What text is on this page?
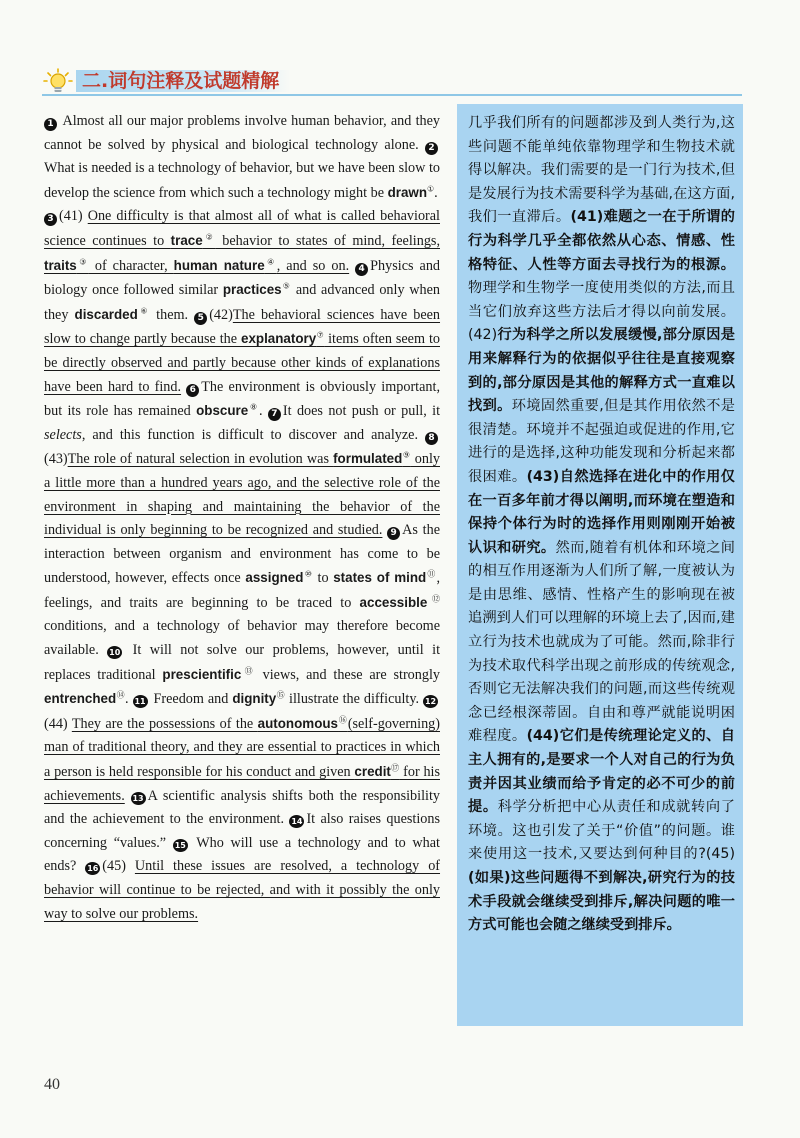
二.词句注释及试题精解
1 Almost all our major problems involve human behavior, and they cannot be solved by physical and biological technology alone. 2 What is needed is a technology of behavior, but we have been slow to develop the science from which such a technology might be drawn①.
3 (41) One difficulty is that almost all of what is called behavioral science continues to trace② behavior to states of mind, feelings, traits③ of character, human nature④, and so on. 4 Physics and biology once followed similar practices⑤ and advanced only when they discarded⑥ them. 5 (42)The behavioral sciences have been slow to change partly because the explanatory⑦ items often seem to be directly observed and partly because other kinds of explanations have been hard to find. 6 The environment is obviously important, but its role has remained obscure⑧. 7 It does not push or pull, it selects, and this function is difficult to discover and analyze. 8(43)The role of natural selection in evolution was formulated⑨ only a little more than a hundred years ago, and the selective role of the environment in shaping and maintaining the behavior of the individual is only beginning to be recognized and studied. 9 As the interaction between organism and environment has come to be understood, however, effects once assigned⑩ to states of mind⑪, feelings, and traits are beginning to be traced to accessible⑫ conditions, and a technology of behavior may therefore become available. 10 It will not solve our problems, however, until it replaces traditional prescientific⑬ views, and these are strongly entrenched⑭. 11 Freedom and dignity⑮ illustrate the difficulty. 12(44) They are the possessions of the autonomous⑯(self-governing) man of traditional theory, and they are essential to practices in which a person is held responsible for his conduct and given credit⑰ for his achievements. 13 A scientific analysis shifts both the responsibility and the achievement to the environment. 14 It also raises questions concerning “values.” 15 Who will use a technology and to what ends? 16 (45) Until these issues are resolved, a technology of behavior will continue to be rejected, and with it possibly the only way to solve our problems.
几乎我们所有的问题都涉及到人类行为,这些问题不能单纯依靠物理学和生物技术就得以解决。我们需要的是一门行为技术,但是发展行为技术需要科学为基础,在这方面,我们一直滞后。(41)难题之一在于所谓的行为科学几乎全都依然从心态、情感、性格特征、人性等方面去寻找行为的根源。物理学和生物学一度使用类似的方法,而且当它们放弃这些方法后才得以向前发展。(42)行为科学之所以发展缓慢,部分原因是用来解释行为的依据似乎往往是直接观察到的,部分原因是其他的解释方式一直难以找到。环境固然重要,但是其作用依然不是很清楚。环境并不起强迫或促进的作用,它进行的是选择,这种功能发现和分析起来都很困难。(43)自然选择在进化中的作用仅在一百多年前才得以阐明,而环境在塑造和保持个体行为时的选择作用则刚刚开始被认识和研究。然而,随着有机体和环境之间的相互作用逐渐为人们所了解,一度被认为是由思维、感情、性格产生的影响现在被追溯到人们可以理解的环境上去了,因而,建立行为技术也就成为了可能。然而,除非行为技术取代科学出现之前形成的传统观念,否则它无法解决我们的问题,而这些传统观念已经根深蒂固。自由和尊严就能说明困难程度。(44)它们是传统理论定义的、自主人拥有的,是要求一个人对自己的行为负责并因其业绩而给予肯定的必不可少的前提。科学分析把中心从责任和成就转向了环境。这也引发了关于“价值”的问题。谁来使用这一技术,又要达到何种目的?(45)(如果)这些问题得不到解决,研究行为的技术手段就会继续受到排斥,解决问题的唯一方式可能也会随之继续受到排斥。
40
